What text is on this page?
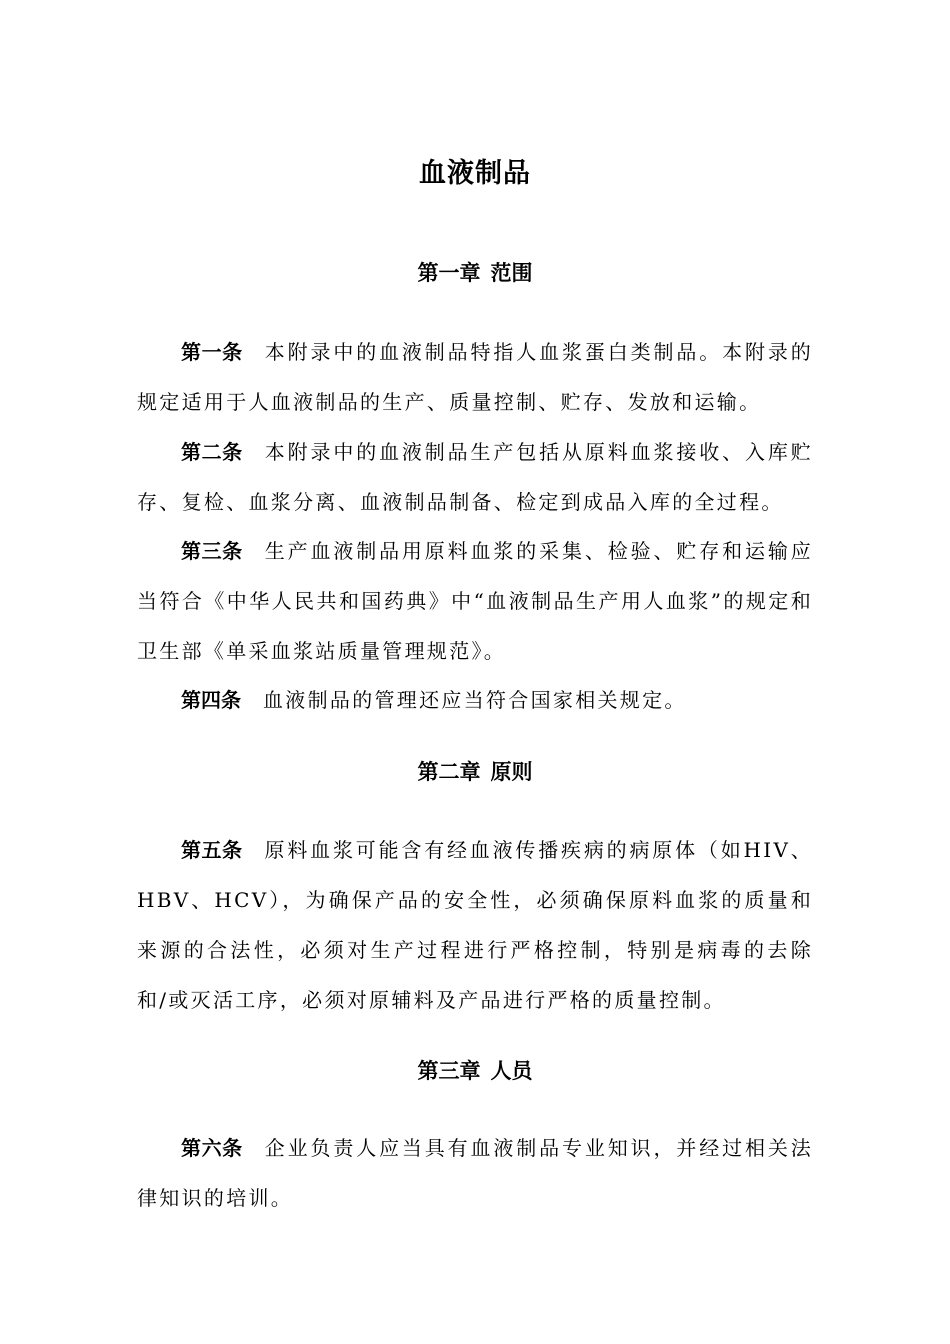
血液制品
第一章 范围
第一条 本附录中的血液制品特指人血浆蛋白类制品。本附录的规定适用于人血液制品的生产、质量控制、贮存、发放和运输。
第二条 本附录中的血液制品生产包括从原料血浆接收、入库贮存、复检、血浆分离、血液制品制备、检定到成品入库的全过程。
第三条 生产血液制品用原料血浆的采集、检验、贮存和运输应当符合《中华人民共和国药典》中“血液制品生产用人血浆”的规定和卫生部《单采血浆站质量管理规范》。
第四条 血液制品的管理还应当符合国家相关规定。
第二章 原则
第五条 原料血浆可能含有经血液传播疾病的病原体（如HIV、HBV、HCV），为确保产品的安全性，必须确保原料血浆的质量和来源的合法性，必须对生产过程进行严格控制，特别是病毒的去除和/或灭活工序，必须对原辅料及产品进行严格的质量控制。
第三章 人员
第六条 企业负责人应当具有血液制品专业知识，并经过相关法律知识的培训。
